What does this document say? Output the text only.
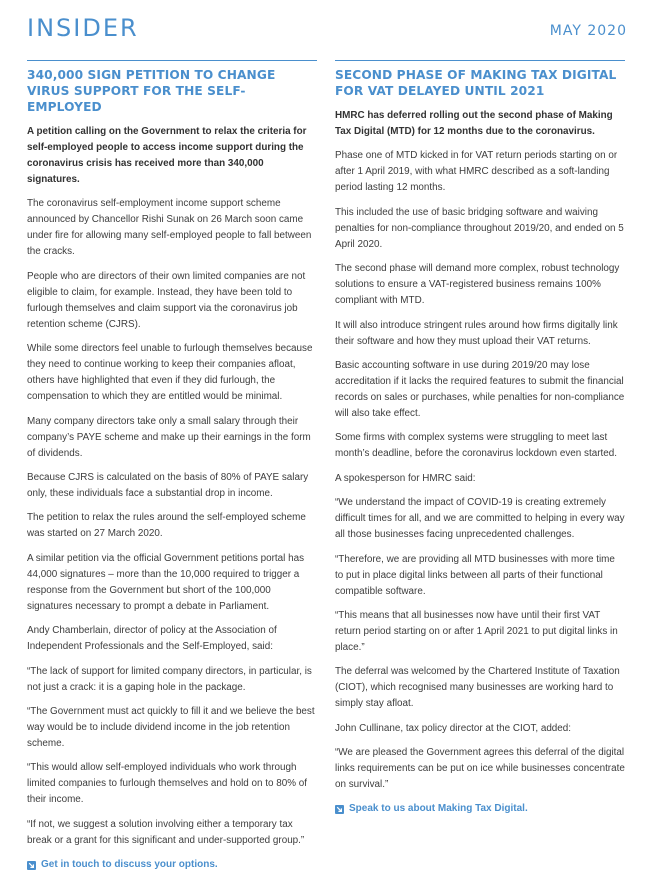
INSIDER	MAY 2020
340,000 SIGN PETITION TO CHANGE VIRUS SUPPORT FOR THE SELF-EMPLOYED

A petition calling on the Government to relax the criteria for self-employed people to access income support during the coronavirus crisis has received more than 340,000 signatures.

The coronavirus self-employment income support scheme announced by Chancellor Rishi Sunak on 26 March soon came under fire for allowing many self-employed people to fall between the cracks.

People who are directors of their own limited companies are not eligible to claim, for example. Instead, they have been told to furlough themselves and claim support via the coronavirus job retention scheme (CJRS).

While some directors feel unable to furlough themselves because they need to continue working to keep their companies afloat, others have highlighted that even if they did furlough, the compensation to which they are entitled would be minimal.

Many company directors take only a small salary through their company’s PAYE scheme and make up their earnings in the form of dividends.

Because CJRS is calculated on the basis of 80% of PAYE salary only, these individuals face a substantial drop in income.

The petition to relax the rules around the self-employed scheme was started on 27 March 2020.

A similar petition via the official Government petitions portal has 44,000 signatures – more than the 10,000 required to trigger a response from the Government but short of the 100,000 signatures necessary to prompt a debate in Parliament.

Andy Chamberlain, director of policy at the Association of Independent Professionals and the Self-Employed, said:

“The lack of support for limited company directors, in particular, is not just a crack: it is a gaping hole in the package.

“The Government must act quickly to fill it and we believe the best way would be to include dividend income in the job retention scheme.

“This would allow self-employed individuals who work through limited companies to furlough themselves and hold on to 80% of their income.

“If not, we suggest a solution involving either a temporary tax break or a grant for this significant and under-supported group.”

Get in touch to discuss your options.
SECOND PHASE OF MAKING TAX DIGITAL FOR VAT DELAYED UNTIL 2021

HMRC has deferred rolling out the second phase of Making Tax Digital (MTD) for 12 months due to the coronavirus.

Phase one of MTD kicked in for VAT return periods starting on or after 1 April 2019, with what HMRC described as a soft-landing period lasting 12 months.

This included the use of basic bridging software and waiving penalties for non-compliance throughout 2019/20, and ended on 5 April 2020.

The second phase will demand more complex, robust technology solutions to ensure a VAT-registered business remains 100% compliant with MTD.

It will also introduce stringent rules around how firms digitally link their software and how they must upload their VAT returns.

Basic accounting software in use during 2019/20 may lose accreditation if it lacks the required features to submit the financial records on sales or purchases, while penalties for non-compliance will also take effect.

Some firms with complex systems were struggling to meet last month’s deadline, before the coronavirus lockdown even started.

A spokesperson for HMRC said:

“We understand the impact of COVID-19 is creating extremely difficult times for all, and we are committed to helping in every way all those businesses facing unprecedented challenges.

“Therefore, we are providing all MTD businesses with more time to put in place digital links between all parts of their functional compatible software.

“This means that all businesses now have until their first VAT return period starting on or after 1 April 2021 to put digital links in place.”

The deferral was welcomed by the Chartered Institute of Taxation (CIOT), which recognised many businesses are working hard to simply stay afloat.

John Cullinane, tax policy director at the CIOT, added:

“We are pleased the Government agrees this deferral of the digital links requirements can be put on ice while businesses concentrate on survival.”

Speak to us about Making Tax Digital.
